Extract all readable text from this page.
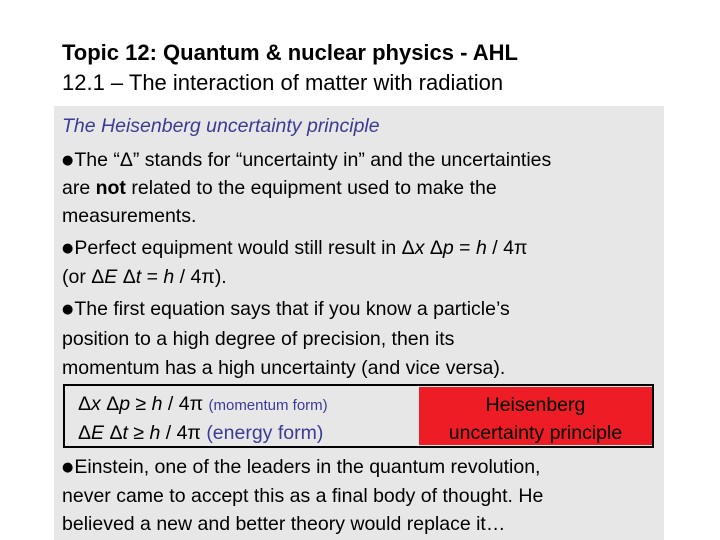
Topic 12: Quantum & nuclear physics - AHL
12.1 – The interaction of matter with radiation
The Heisenberg uncertainty principle
●The “Δ” stands for “uncertainty in” and the uncertainties
are not related to the equipment used to make the
measurements.
●Perfect equipment would still result in Δx Δp = h / 4π
(or ΔE Δt = h / 4π).
●The first equation says that if you know a particle’s
position to a high degree of precision, then its
momentum has a high uncertainty (and vice versa).
Δx Δp ≥ h / 4π (momentum form)
ΔE Δt ≥ h / 4π (energy form)
Heisenberg
uncertainty principle
●Einstein, one of the leaders in the quantum revolution,
never came to accept this as a final body of thought. He
believed a new and better theory would replace it…
